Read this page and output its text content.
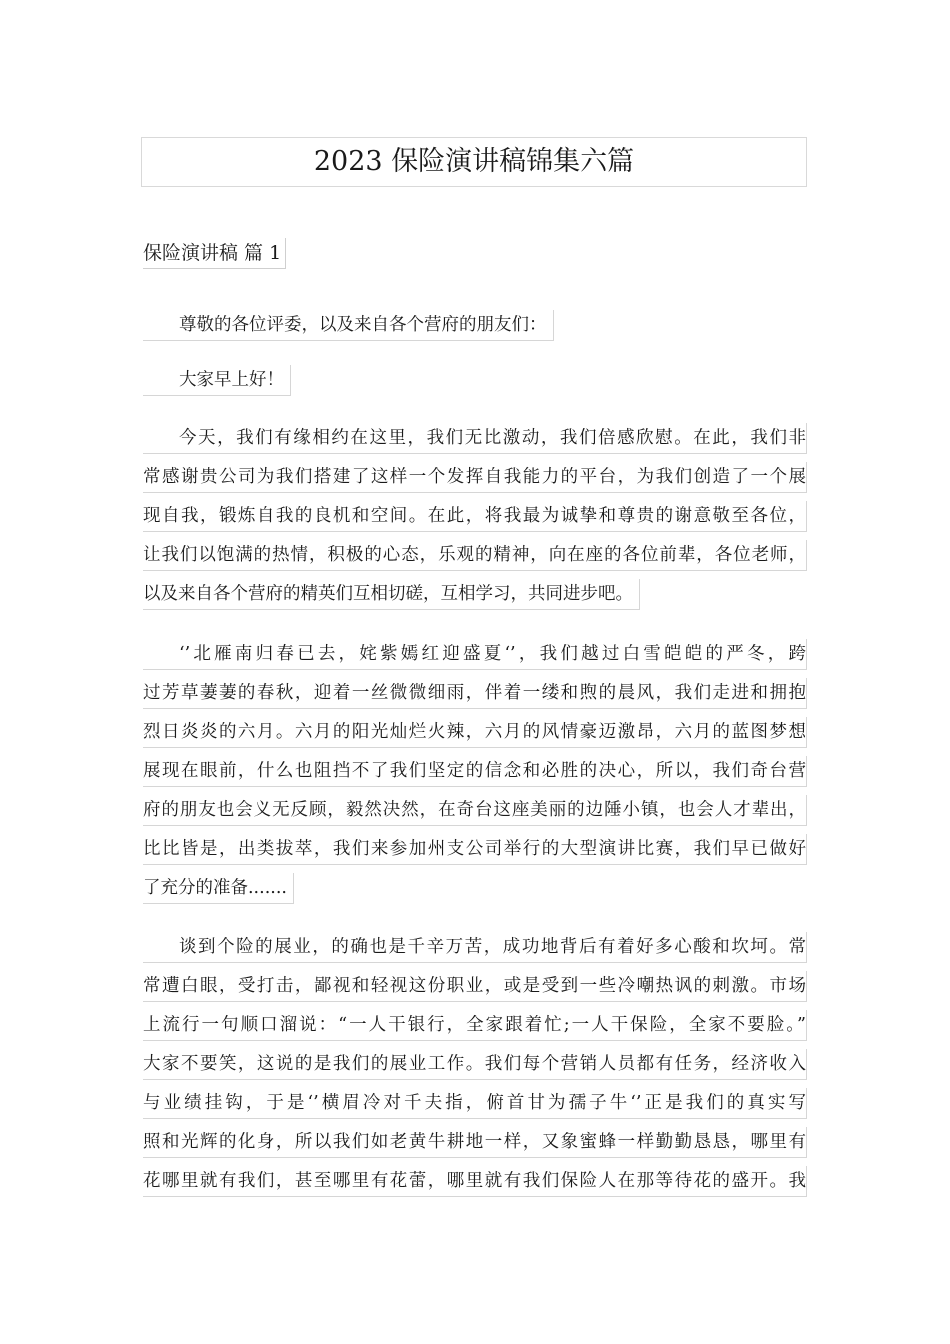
2023 保险演讲稿锦集六篇
保险演讲稿 篇 1
尊敬的各位评委，以及来自各个营府的朋友们：
大家早上好！
今天，我们有缘相约在这里，我们无比激动，我们倍感欣慰。在此，我们非
常感谢贵公司为我们搭建了这样一个发挥自我能力的平台，为我们创造了一个展
现自我，锻炼自我的良机和空间。在此，将我最为诚挚和尊贵的谢意敬至各位，
让我们以饱满的热情，积极的心态，乐观的精神，向在座的各位前辈，各位老师，
以及来自各个营府的精英们互相切磋，互相学习，共同进步吧。
‘’北雁南归春已去，姹紫嫣红迎盛夏‘’，我们越过白雪皑皑的严冬，跨
过芳草萋萋的春秋，迎着一丝微微细雨，伴着一缕和煦的晨风，我们走进和拥抱
烈日炎炎的六月。六月的阳光灿烂火辣，六月的风情豪迈激昂，六月的蓝图梦想
展现在眼前，什么也阻挡不了我们坚定的信念和必胜的决心，所以，我们奇台营
府的朋友也会义无反顾，毅然决然，在奇台这座美丽的边陲小镇，也会人才辈出，
比比皆是，出类拔萃，我们来参加州支公司举行的大型演讲比赛，我们早已做好
了充分的准备.......
谈到个险的展业，的确也是千辛万苦，成功地背后有着好多心酸和坎坷。常
常遭白眼，受打击，鄙视和轻视这份职业，或是受到一些冷嘲热讽的刺激。市场
上流行一句顺口溜说：“一人干银行，全家跟着忙;一人干保险，全家不要脸。”
大家不要笑，这说的是我们的展业工作。我们每个营销人员都有任务，经济收入
与业绩挂钩，于是‘’横眉冷对千夫指，俯首甘为孺子牛‘’正是我们的真实写
照和光辉的化身，所以我们如老黄牛耕地一样，又象蜜蜂一样勤勤恳恳，哪里有
花哪里就有我们，甚至哪里有花蕾，哪里就有我们保险人在那等待花的盛开。我
